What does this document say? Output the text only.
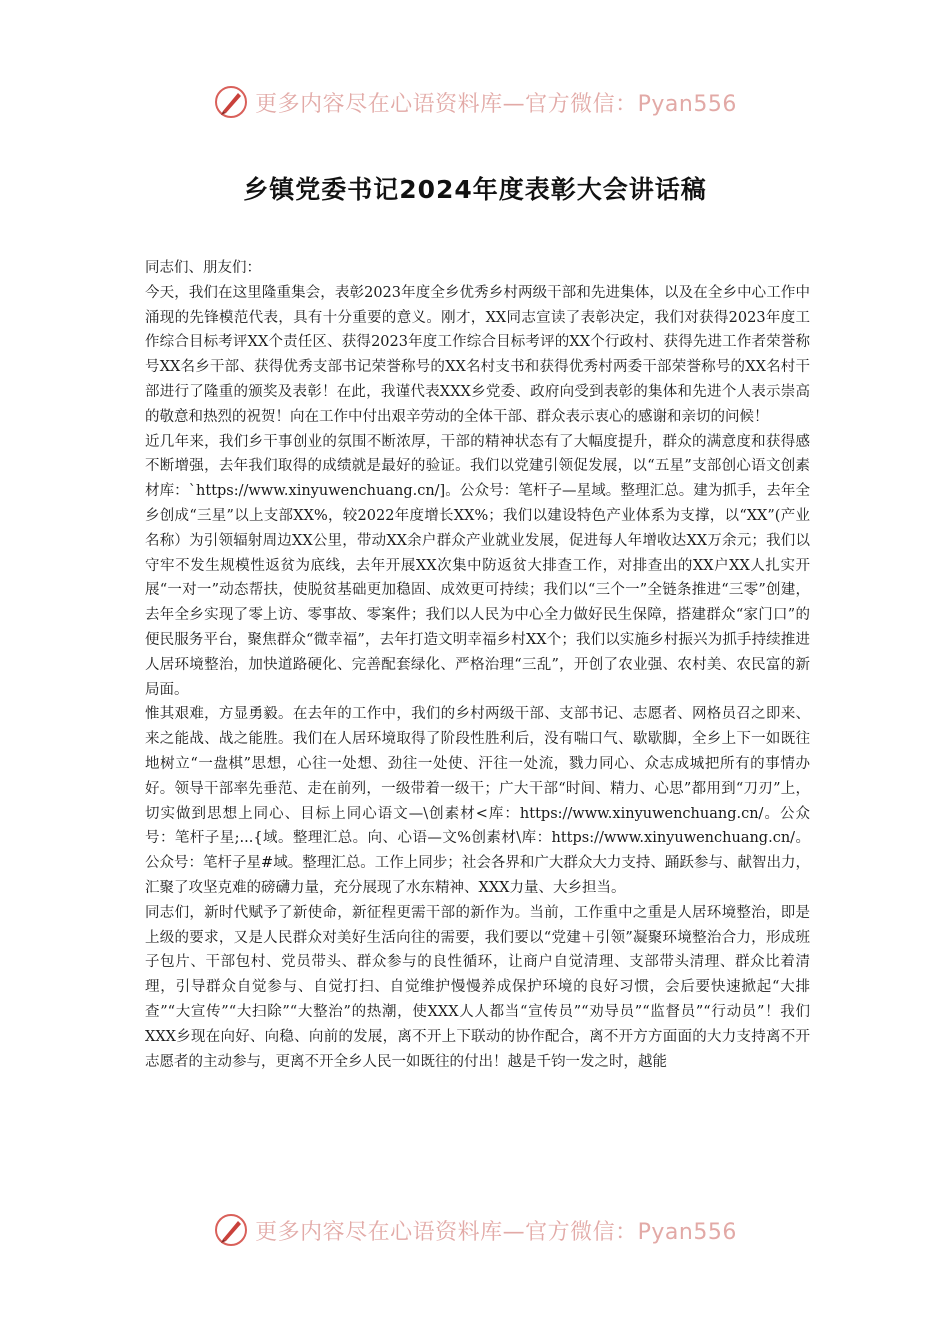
更多内容尽在心语资料库—官方微信：Pyan556
乡镇党委书记2024年度表彰大会讲话稿

同志们、朋友们：

今天，我们在这里隆重集会，表彰2023年度全乡优秀乡村两级干部和先进集体，以及在全乡中心工作中涌现的先锋模范代表，具有十分重要的意义。刚才，XX同志宣读了表彰决定，我们对获得2023年度工作综合目标考评XX个责任区、获得2023年度工作综合目标考评的XX个行政村、获得先进工作者荣誉称号XX名乡干部、获得优秀支部书记荣誉称号的XX名村支书和获得优秀村两委干部荣誉称号的XX名村干部进行了隆重的颁奖及表彰！在此，我谨代表XXX乡党委、政府向受到表彰的集体和先进个人表示崇高的敬意和热烈的祝贺！向在工作中付出艰辛劳动的全体干部、群众表示衷心的感谢和亲切的问候！

近几年来，我们乡干事创业的氛围不断浓厚，干部的精神状态有了大幅度提升，群众的满意度和获得感不断增强，去年我们取得的成绩就是最好的验证。我们以党建引领促发展，以“五星”支部创心语文创素材库：`https://www.xinyuwenchuang.cn/]。公众号：笔杆子—星域。整理汇总。建为抓手，去年全乡创成“三星”以上支部XX%，较2022年度增长XX%；我们以建设特色产业体系为支撑，以“XX”(产业名称）为引领辐射周边XX公里，带动XX余户群众产业就业发展，促进每人年增收达XX万余元；我们以守牢不发生规模性返贫为底线，去年开展XX次集中防返贫大排查工作，对排查出的XX户XX人扎实开展“一对一”动态帮扶，使脱贫基础更加稳固、成效更可持续；我们以“三个一”全链条推进“三零”创建，去年全乡实现了零上访、零事故、零案件；我们以人民为中心全力做好民生保障，搭建群众“家门口”的便民服务平台，聚焦群众“微幸福”，去年打造文明幸福乡村XX个；我们以实施乡村振兴为抓手持续推进人居环境整治，加快道路硬化、完善配套绿化、严格治理“三乱”，开创了农业强、农村美、农民富的新局面。

惟其艰难，方显勇毅。在去年的工作中，我们的乡村两级干部、支部书记、志愿者、网格员召之即来、来之能战、战之能胜。我们在人居环境取得了阶段性胜利后，没有喘口气、歇歇脚，全乡上下一如既往地树立“一盘棋”思想，心往一处想、劲往一处使、汗往一处流，戮力同心、众志成城把所有的事情办好。领导干部率先垂范、走在前列，一级带着一级干；广大干部“时间、精力、心思”都用到“刀刃”上，切实做到思想上同心、目标上同心语文—\创素材<库：https://www.xinyuwenchuang.cn/。公众号：笔杆子星;...{域。整理汇总。向、心语—文%创素材\库：https://www.xinyuwenchuang.cn/。公众号：笔杆子星#域。整理汇总。工作上同步；社会各界和广大群众大力支持、踊跃参与、献智出力，汇聚了攻坚克难的磅礴力量，充分展现了水东精神、XXX力量、大乡担当。

同志们，新时代赋予了新使命，新征程更需干部的新作为。当前，工作重中之重是人居环境整治，即是上级的要求，又是人民群众对美好生活向往的需要，我们要以“党建＋引领”凝聚环境整治合力，形成班子包片、干部包村、党员带头、群众参与的良性循环，让商户自觉清理、支部带头清理、群众比着清理，引导群众自觉参与、自觉打扫、自觉维护慢慢养成保护环境的良好习惯，会后要快速掀起“大排查”“大宣传”“大扫除”“大整治”的热潮，使XXX人人都当“宣传员”“劝导员”“监督员”“行动员”！我们XXX乡现在向好、向稳、向前的发展，离不开上下联动的协作配合，离不开方方面面的大力支持离不开志愿者的主动参与，更离不开全乡人民一如既往的付出！越是千钧一发之时，越能

更多内容尽在心语资料库—官方微信：Pyan556
